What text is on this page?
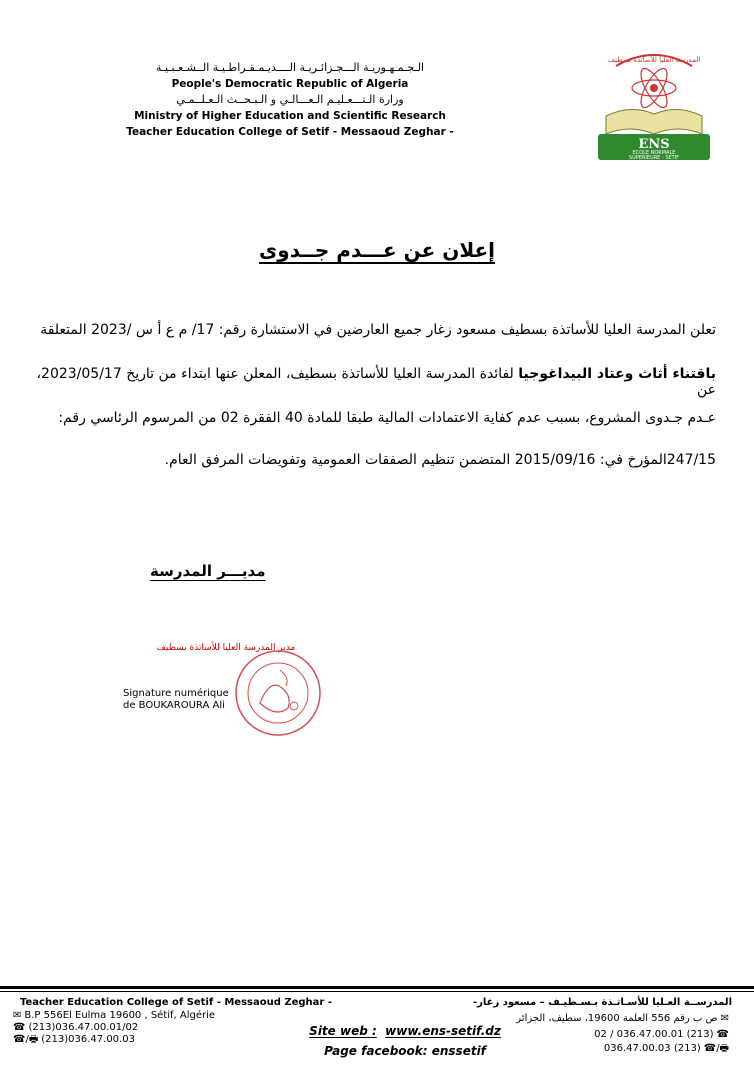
الـجـمـهـوريـة الـــجـزائـريـة الــــديـمـقـراطـيـة الــشـعـبـيـة
People's Democratic Republic of Algeria
وزارة الـتـــعـليـم الـعـــالـي و الـبـحــث الـعـلــمـي
Ministry of Higher Education and Scientific Research
Teacher Education College of Setif - Messaoud Zeghar -
المدرسة العليا للأساتذة بسطيف
ENS
ECOLE NORMALE
SUPERIEURE - SETIF
إعلان عن عـــدم جــدوى
تعلن المدرسة العليا للأساتذة بسطيف مسعود زغار جميع العارضين في الاستشارة رقم: 17/ م ع أ س /2023 المتعلقة
باقتناء أثاث وعتاد البيداغوجيا لفائدة المدرسة العليا للأساتذة بسطيف، المعلن عنها ابتداء من تاريخ 2023/05/17، عن
عـدم جـدوى المشروع، بسبب عدم كفاية الاعتمادات المالية طبقا للمادة 40 الفقرة 02 من المرسوم الرئاسي رقم:
247/15المؤرخ في: 2015/09/16 المتضمن تنظيم الصفقات العمومية وتفويضات المرفق العام.
مديـــر المدرسة
مدير المدرسة العليا للأساتذة بسطيف
Signature numérique
de BOUKAROURA Ali
Teacher Education College of Setif - Messaoud Zeghar -
✉ B.P 556El Eulma 19600 , Sétif, Algérie
☎ (213)036.47.00.01/02
☎/🖶 (213)036.47.00.03
Site web : www.ens-setif.dz
Page facebook: enssetif
المدرســة العـليا للأسـاتـذة بـسـطيـف – مسعود زغار-
✉ص ب رقم 556 العلمة 19600، سطيف، الجزائر
☎(213) 036.47.00.01 / 02
🖶/☎(213) 036.47.00.03
